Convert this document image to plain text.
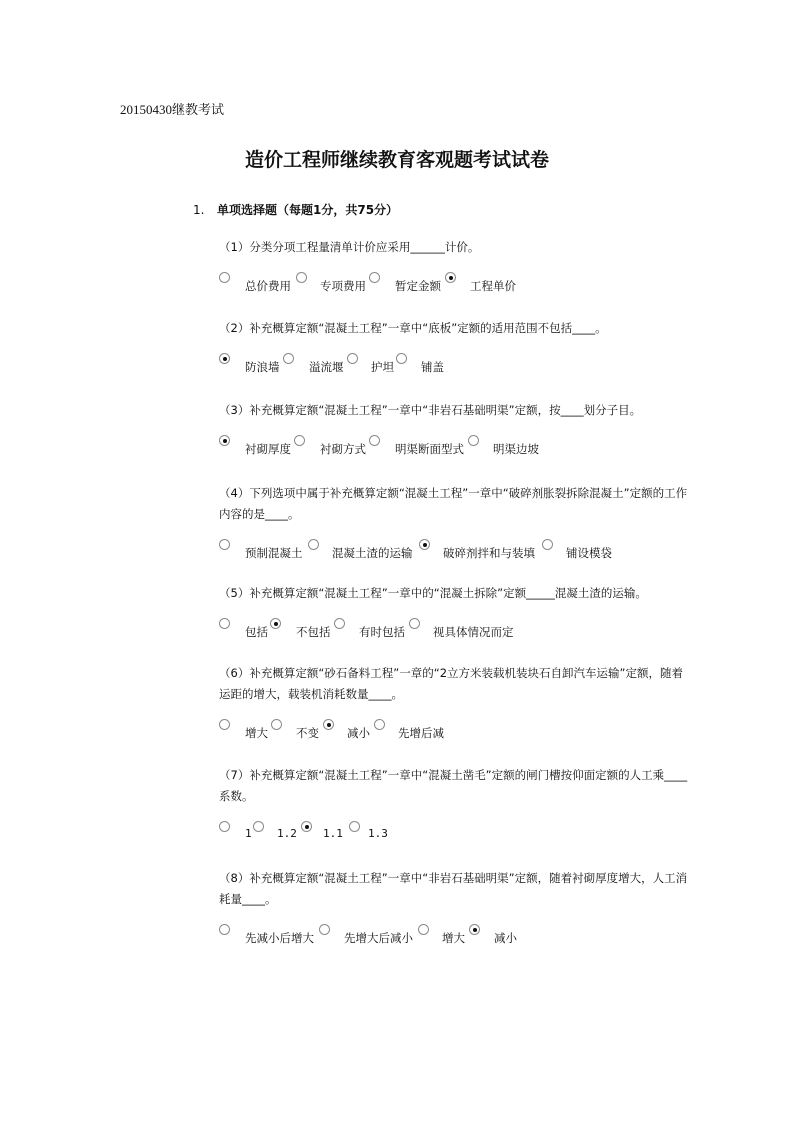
20150430继教考试
造价工程师继续教育客观题考试试卷
1. 单项选择题（每题1分，共75分）
（1）分类分项工程量清单计价应采用______计价。
总价费用	专项费用	暂定金额	工程单价
（2）补充概算定额“混凝土工程”一章中“底板”定额的适用范围不包括____。
防浪墙	溢流堰 护坦 铺盖
（3）补充概算定额“混凝土工程”一章中“非岩石基础明渠”定额，按____划分子目。
衬砌厚度	衬砌方式	明渠断面型式	明渠边坡
（4）下列选项中属于补充概算定额“混凝土工程”一章中“破碎剂胀裂拆除混凝土”定额的工作内容的是____。
预制混凝土	混凝土渣的运输	破碎剂拌和与装填	铺设模袋
（5）补充概算定额“混凝土工程”一章中的“混凝土拆除”定额_____混凝土渣的运输。
包括 不包括 有时包括 视具体情况而定
（6）补充概算定额“砂石备料工程”一章的“2立方米装载机装块石自卸汽车运输”定额，随着运距的增大，载装机消耗数量____。
增大 不变 减小 先增后减
（7）补充概算定额“混凝土工程”一章中“混凝土凿毛”定额的闸门槽按仰面定额的人工乘____系数。
1 1.2 1.1 1.3
（8）补充概算定额“混凝土工程”一章中“非岩石基础明渠”定额，随着衬砌厚度增大，人工消耗量____。
先减小后增大	先增大后减小	增大	减小
